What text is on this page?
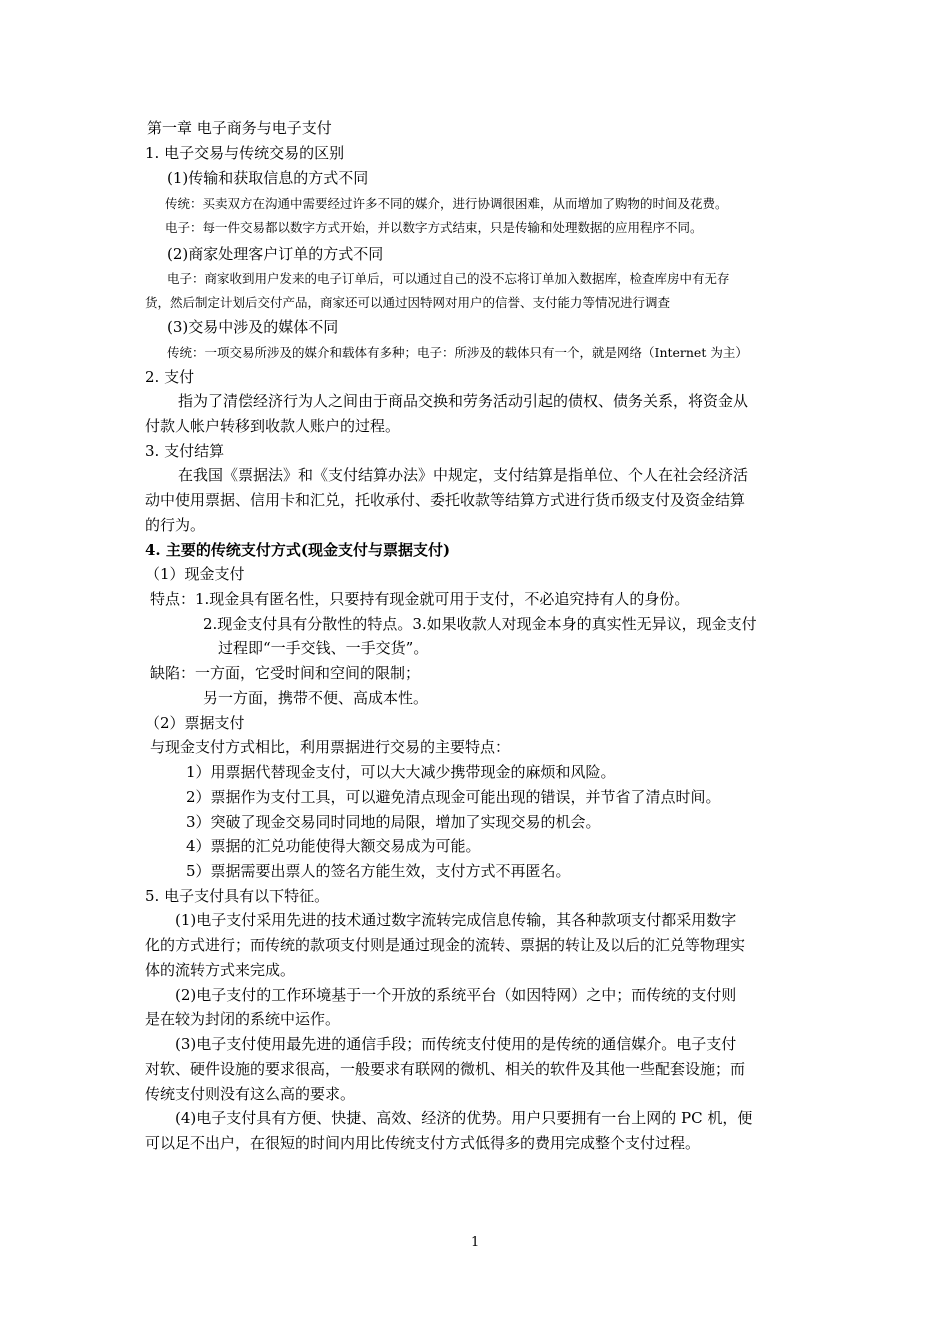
第一章 电子商务与电子支付
1. 电子交易与传统交易的区别
(1)传输和获取信息的方式不同
传统：买卖双方在沟通中需要经过许多不同的媒介，进行协调很困难，从而增加了购物的时间及花费。
电子：每一件交易都以数字方式开始，并以数字方式结束，只是传输和处理数据的应用程序不同。
(2)商家处理客户订单的方式不同
电子：商家收到用户发来的电子订单后，可以通过自己的没不忘将订单加入数据库，检查库房中有无存
货，然后制定计划后交付产品，商家还可以通过因特网对用户的信誉、支付能力等情况进行调查
(3)交易中涉及的媒体不同
传统：一项交易所涉及的媒介和载体有多种；电子：所涉及的载体只有一个，就是网络（Internet 为主）
2. 支付
指为了清偿经济行为人之间由于商品交换和劳务活动引起的债权、债务关系，将资金从
付款人帐户转移到收款人账户的过程。
3. 支付结算
在我国《票据法》和《支付结算办法》中规定，支付结算是指单位、个人在社会经济活
动中使用票据、信用卡和汇兑，托收承付、委托收款等结算方式进行货币级支付及资金结算
的行为。
4. 主要的传统支付方式(现金支付与票据支付)
（1）现金支付
特点：1.现金具有匿名性，只要持有现金就可用于支付，不必追究持有人的身份。
2.现金支付具有分散性的特点。3.如果收款人对现金本身的真实性无异议，现金支付
过程即“一手交钱、一手交货”。
缺陷：一方面，它受时间和空间的限制；
另一方面，携带不便、高成本性。
（2）票据支付
与现金支付方式相比，利用票据进行交易的主要特点：
1）用票据代替现金支付，可以大大减少携带现金的麻烦和风险。
2）票据作为支付工具，可以避免清点现金可能出现的错误，并节省了清点时间。
3）突破了现金交易同时同地的局限，增加了实现交易的机会。
4）票据的汇兑功能使得大额交易成为可能。
5）票据需要出票人的签名方能生效，支付方式不再匿名。
5. 电子支付具有以下特征。
(1)电子支付采用先进的技术通过数字流转完成信息传输，其各种款项支付都采用数字
化的方式进行；而传统的款项支付则是通过现金的流转、票据的转让及以后的汇兑等物理实
体的流转方式来完成。
(2)电子支付的工作环境基于一个开放的系统平台（如因特网）之中；而传统的支付则
是在较为封闭的系统中运作。
(3)电子支付使用最先进的通信手段；而传统支付使用的是传统的通信媒介。电子支付
对软、硬件设施的要求很高，一般要求有联网的微机、相关的软件及其他一些配套设施；而
传统支付则没有这么高的要求。
(4)电子支付具有方便、快捷、高效、经济的优势。用户只要拥有一台上网的 PC 机，便
可以足不出户，在很短的时间内用比传统支付方式低得多的费用完成整个支付过程。
1
